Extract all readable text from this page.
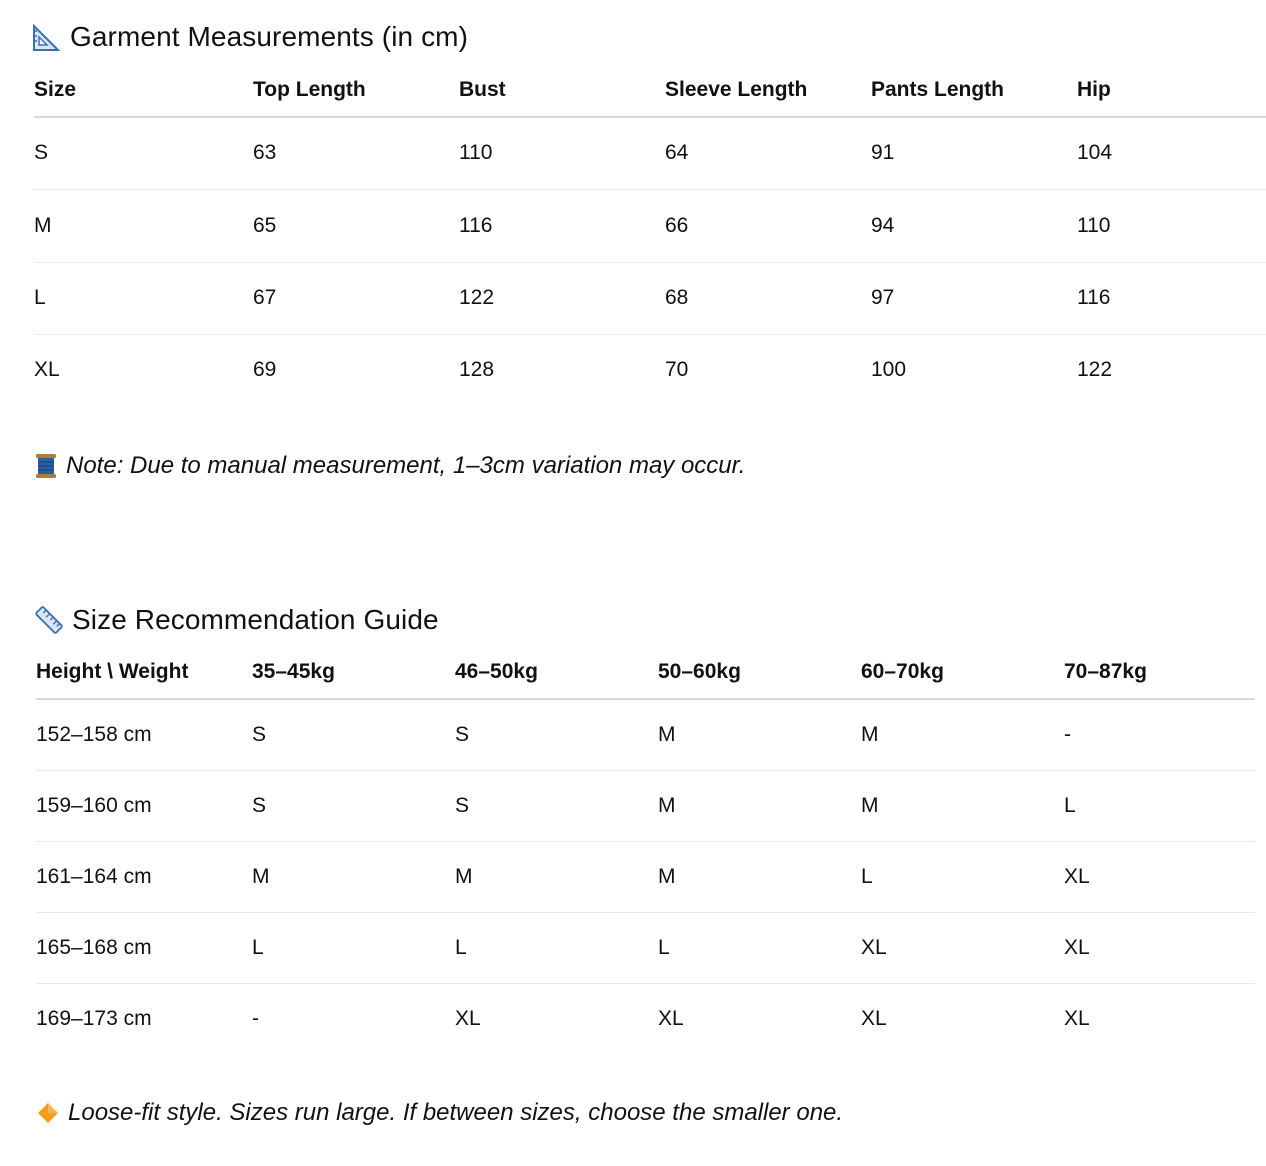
Garment Measurements (in cm)
Size	Top Length	Bust	Sleeve Length	Pants Length	Hip
S	63	110	64	91	104
M	65	116	66	94	110
L	67	122	68	97	116
XL	69	128	70	100	122
Note: Due to manual measurement, 1–3cm variation may occur.
Size Recommendation Guide
Height \ Weight	35–45kg	46–50kg	50–60kg	60–70kg	70–87kg
152–158 cm	S	S	M	M	-
159–160 cm	S	S	M	M	L
161–164 cm	M	M	M	L	XL
165–168 cm	L	L	L	XL	XL
169–173 cm	-	XL	XL	XL	XL
Loose-fit style. Sizes run large. If between sizes, choose the smaller one.
